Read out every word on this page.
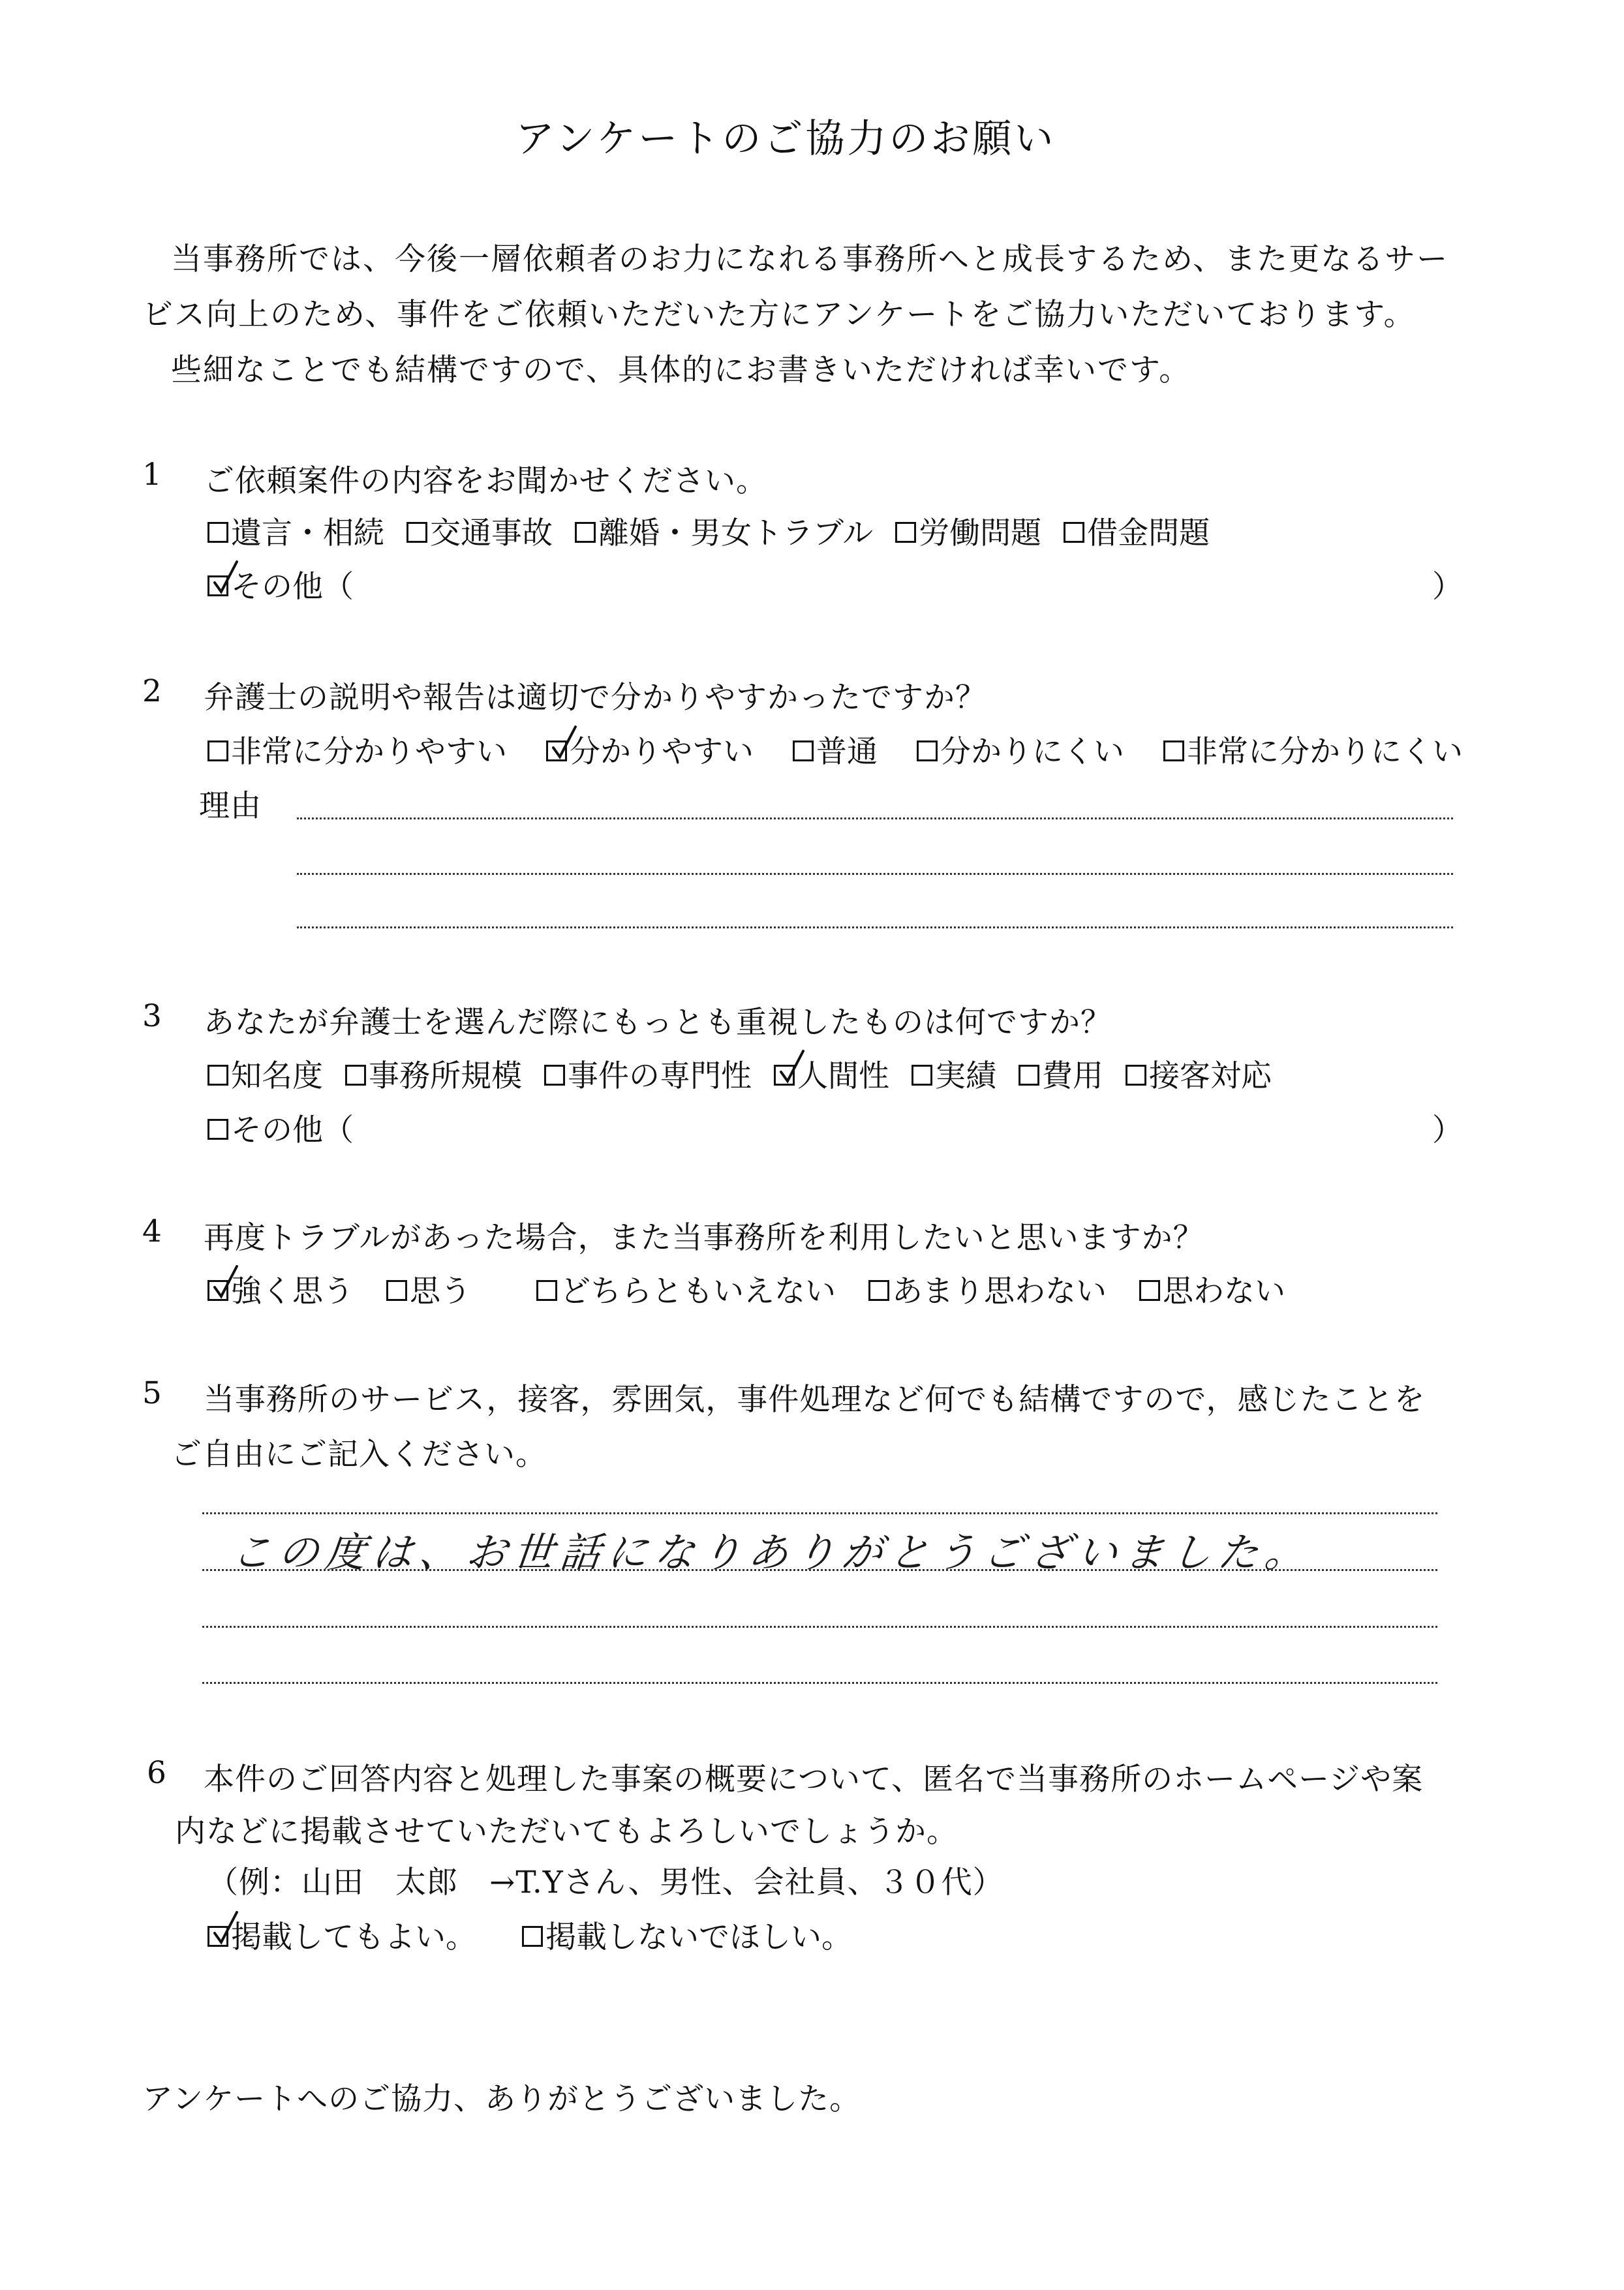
アンケートのご協力のお願い
当事務所では、今後一層依頼者のお力になれる事務所へと成長するため、また更なるサー
ビス向上のため、事件をご依頼いただいた方にアンケートをご協力いただいております。
些細なことでも結構ですので、具体的にお書きいただければ幸いです。
1 ご依頼案件の内容をお聞かせください。
遺言・相続 交通事故 離婚・男女トラブル 労働問題 借金問題
その他（	）
2 弁護士の説明や報告は適切で分かりやすかったですか？
非常に分かりやすい 分かりやすい 普通 分かりにくい 非常に分かりにくい
理由
3 あなたが弁護士を選んだ際にもっとも重視したものは何ですか？
知名度 事務所規模 事件の専門性 人間性 実績 費用 接客対応
その他（	）
4 再度トラブルがあった場合，また当事務所を利用したいと思いますか？
強く思う 思う	どちらともいえない あまり思わない 思わない
5 当事務所のサービス，接客，雰囲気，事件処理など何でも結構ですので，感じたことを
ご自由にご記入ください。
この度は、お世話になりありがとうございました。
6 本件のご回答内容と処理した事案の概要について、匿名で当事務所のホームページや案
内などに掲載させていただいてもよろしいでしょうか。
（例：山田　太郎　→T.Yさん、男性、会社員、３０代）
掲載してもよい。 掲載しないでほしい。
アンケートへのご協力、ありがとうございました。
